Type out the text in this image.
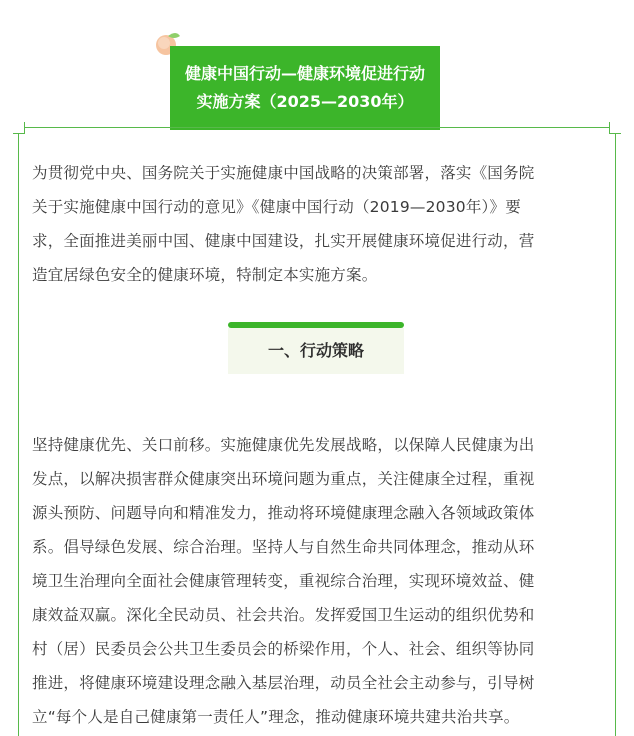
健康中国行动—健康环境促进行动
实施方案（2025—2030年）
为贯彻党中央、国务院关于实施健康中国战略的决策部署，落实《国务院
关于实施健康中国行动的意见》《健康中国行动（2019—2030年）》要
求，全面推进美丽中国、健康中国建设，扎实开展健康环境促进行动，营
造宜居绿色安全的健康环境，特制定本实施方案。
一、行动策略
坚持健康优先、关口前移。实施健康优先发展战略，以保障人民健康为出
发点，以解决损害群众健康突出环境问题为重点，关注健康全过程，重视
源头预防、问题导向和精准发力，推动将环境健康理念融入各领域政策体
系。倡导绿色发展、综合治理。坚持人与自然生命共同体理念，推动从环
境卫生治理向全面社会健康管理转变，重视综合治理，实现环境效益、健
康效益双赢。深化全民动员、社会共治。发挥爱国卫生运动的组织优势和
村（居）民委员会公共卫生委员会的桥梁作用，个人、社会、组织等协同
推进，将健康环境建设理念融入基层治理，动员全社会主动参与，引导树
立“每个人是自己健康第一责任人”理念，推动健康环境共建共治共享。
